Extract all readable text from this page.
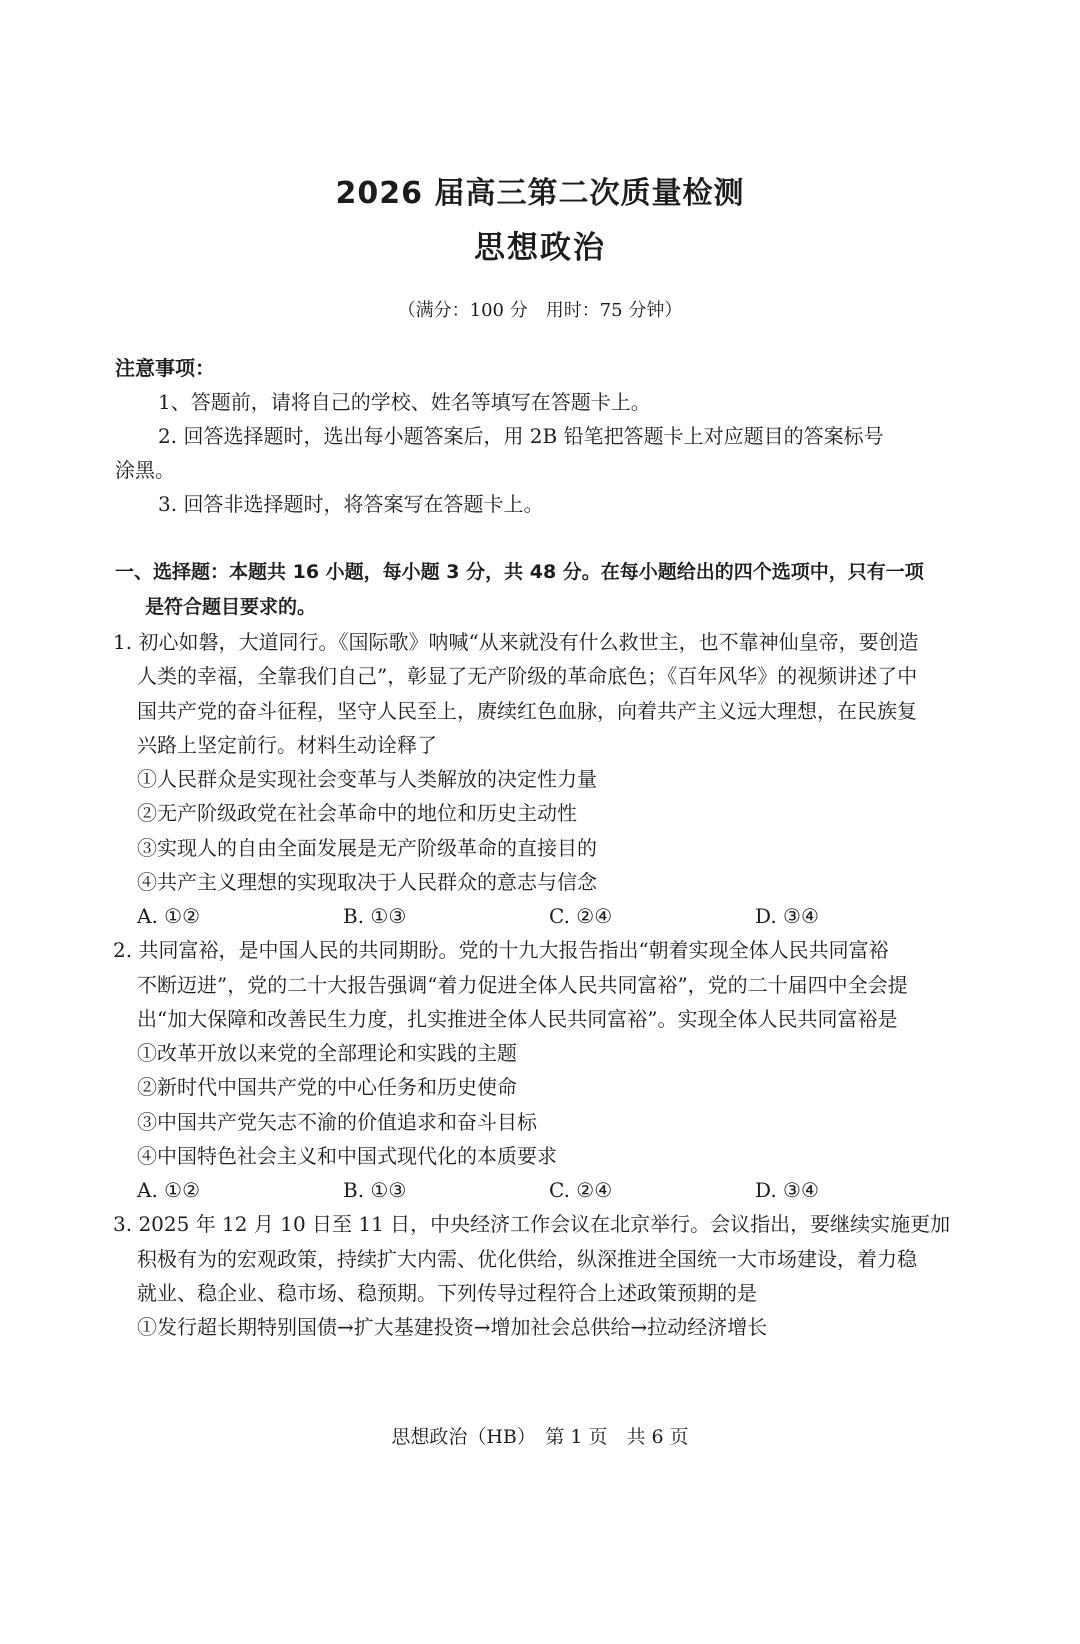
2026 届高三第二次质量检测
思想政治
（满分：100 分　用时：75 分钟）
注意事项：
1、答题前，请将自己的学校、姓名等填写在答题卡上。
2. 回答选择题时，选出每小题答案后，用 2B 铅笔把答题卡上对应题目的答案标号
涂黑。
3. 回答非选择题时，将答案写在答题卡上。
一、选择题：本题共 16 小题，每小题 3 分，共 48 分。在每小题给出的四个选项中，只有一项
是符合题目要求的。
1. 初心如磐，大道同行。《国际歌》呐喊“从来就没有什么救世主，也不靠神仙皇帝，要创造
人类的幸福，全靠我们自己”，彰显了无产阶级的革命底色；《百年风华》的视频讲述了中
国共产党的奋斗征程，坚守人民至上，赓续红色血脉，向着共产主义远大理想，在民族复
兴路上坚定前行。材料生动诠释了
①人民群众是实现社会变革与人类解放的决定性力量
②无产阶级政党在社会革命中的地位和历史主动性
③实现人的自由全面发展是无产阶级革命的直接目的
④共产主义理想的实现取决于人民群众的意志与信念
A. ①②	B. ①③	C. ②④	D. ③④
2. 共同富裕，是中国人民的共同期盼。党的十九大报告指出“朝着实现全体人民共同富裕
不断迈进”，党的二十大报告强调“着力促进全体人民共同富裕”，党的二十届四中全会提
出“加大保障和改善民生力度，扎实推进全体人民共同富裕”。实现全体人民共同富裕是
①改革开放以来党的全部理论和实践的主题
②新时代中国共产党的中心任务和历史使命
③中国共产党矢志不渝的价值追求和奋斗目标
④中国特色社会主义和中国式现代化的本质要求
A. ①②	B. ①③	C. ②④	D. ③④
3. 2025 年 12 月 10 日至 11 日，中央经济工作会议在北京举行。会议指出，要继续实施更加
积极有为的宏观政策，持续扩大内需、优化供给，纵深推进全国统一大市场建设，着力稳
就业、稳企业、稳市场、稳预期。下列传导过程符合上述政策预期的是
①发行超长期特别国债→扩大基建投资→增加社会总供给→拉动经济增长
思想政治（HB）　第 1 页　共 6 页
